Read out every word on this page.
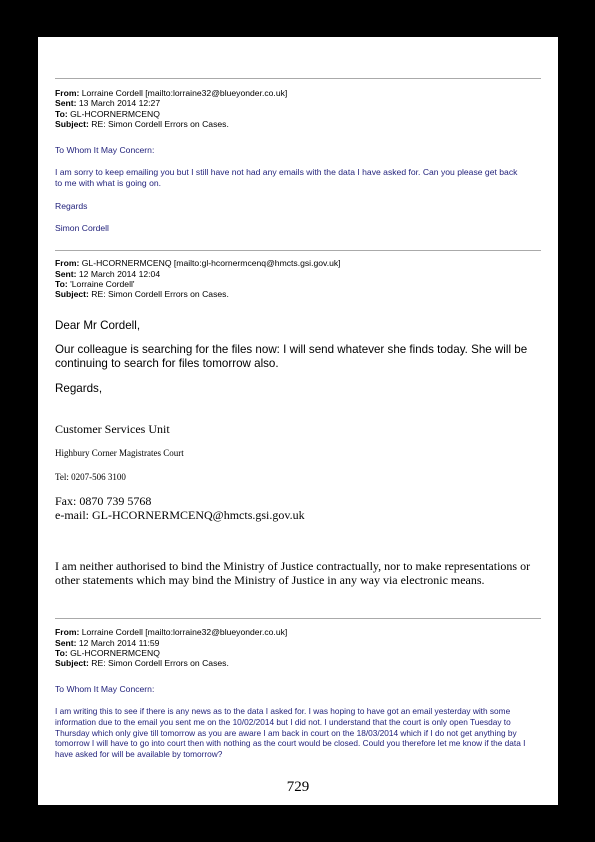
From: Lorraine Cordell [mailto:lorraine32@blueyonder.co.uk]
Sent: 13 March 2014 12:27
To: GL-HCORNERMCENQ
Subject: RE: Simon Cordell Errors on Cases.
To Whom It May Concern:
I am sorry to keep emailing you but I still have not had any emails with the data I have asked for. Can you please get back to me with what is going on.
Regards
Simon Cordell
From: GL-HCORNERMCENQ [mailto:gl-hcornermcenq@hmcts.gsi.gov.uk]
Sent: 12 March 2014 12:04
To: 'Lorraine Cordell'
Subject: RE: Simon Cordell Errors on Cases.
Dear Mr Cordell,
Our colleague is searching for the files now: I will send whatever she finds today. She will be continuing to search for files tomorrow also.
Regards,
Customer Services Unit
Highbury Corner Magistrates Court
Tel: 0207-506 3100
Fax: 0870 739 5768
e-mail: GL-HCORNERMCENQ@hmcts.gsi.gov.uk
I am neither authorised to bind the Ministry of Justice contractually, nor to make representations or other statements which may bind the Ministry of Justice in any way via electronic means.
From: Lorraine Cordell [mailto:lorraine32@blueyonder.co.uk]
Sent: 12 March 2014 11:59
To: GL-HCORNERMCENQ
Subject: RE: Simon Cordell Errors on Cases.
To Whom It May Concern:
I am writing this to see if there is any news as to the data I asked for. I was hoping to have got an email yesterday with some information due to the email you sent me on the 10/02/2014 but I did not. I understand that the court is only open Tuesday to Thursday which only give till tomorrow as you are aware I am back in court on the 18/03/2014 which if I do not get anything by tomorrow I will have to go into court then with nothing as the court would be closed. Could you therefore let me know if the data I have asked for will be available by tomorrow?
729
